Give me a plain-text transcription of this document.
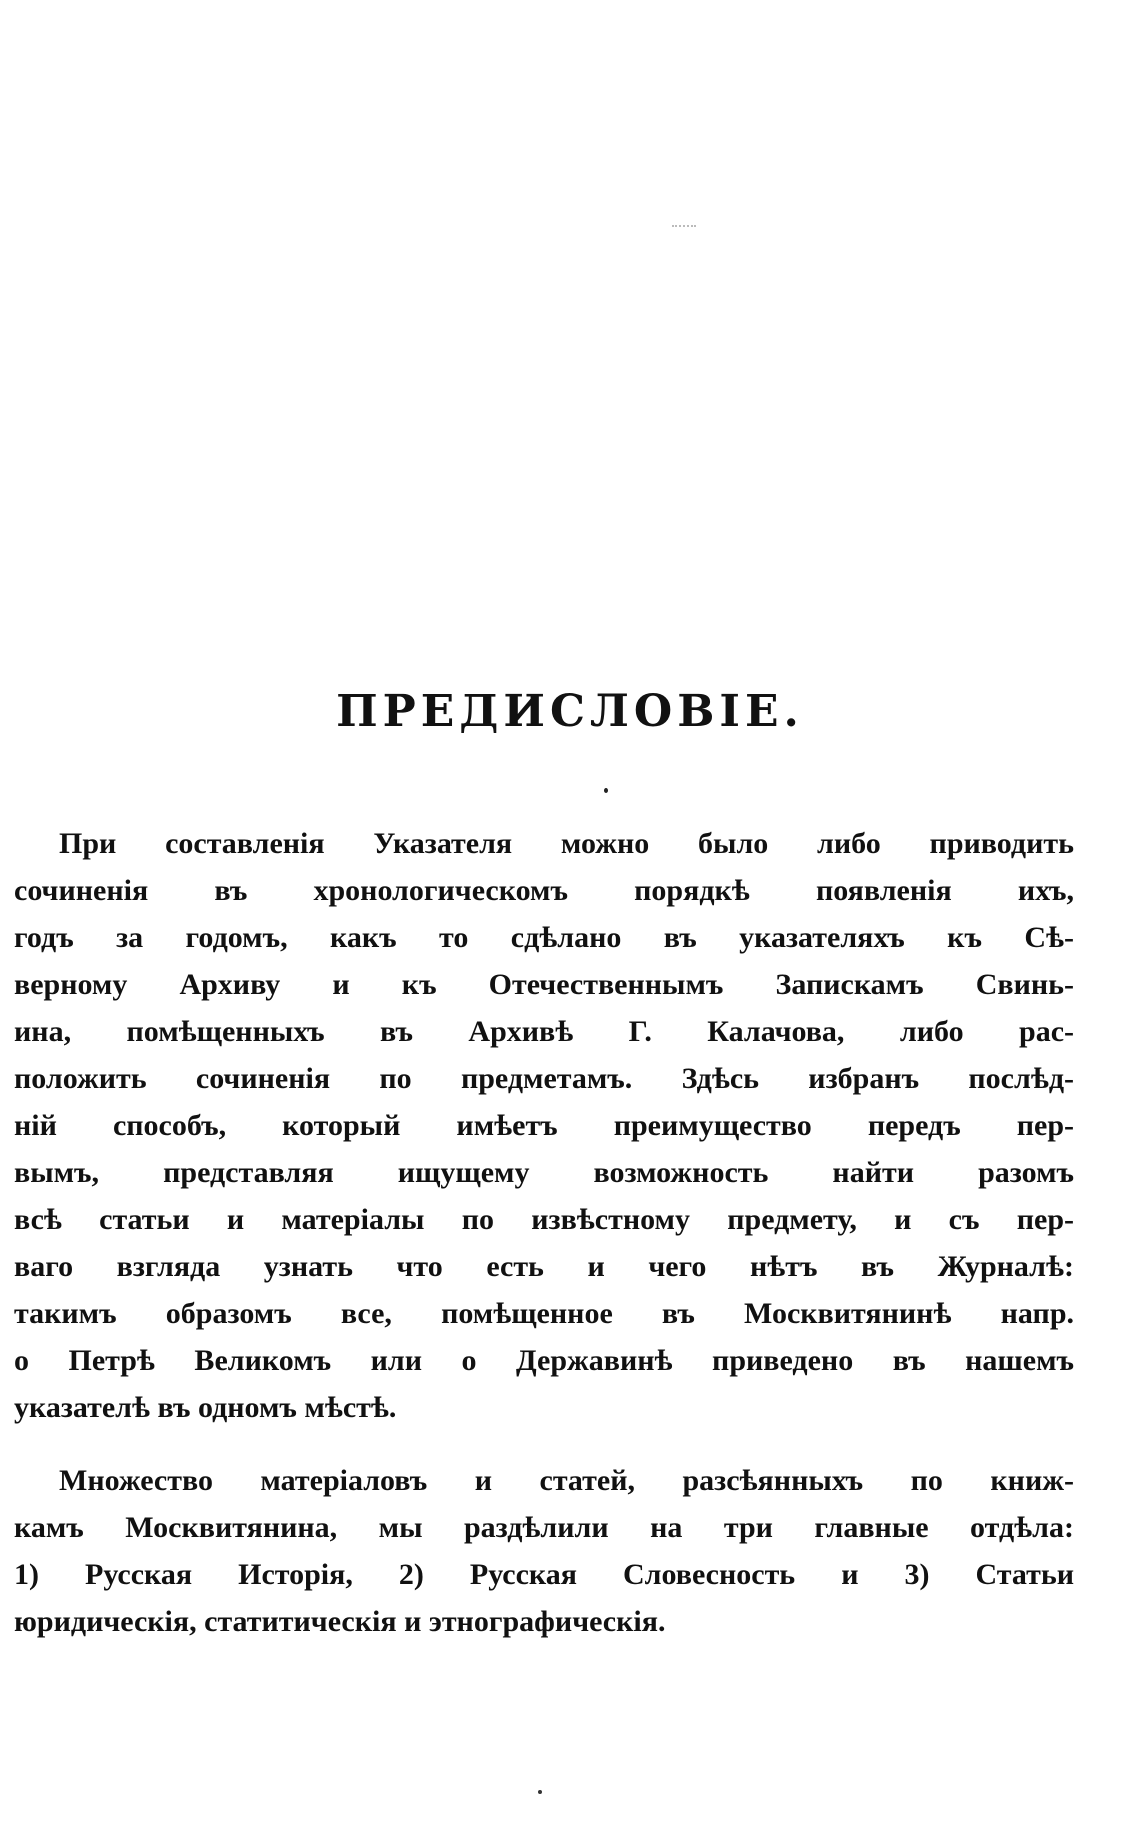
ПРЕДИСЛОВІЕ.
При составленія Указателя можно было либо приводить
сочиненія въ хронологическомъ порядкѣ появленія ихъ,
годъ за годомъ, какъ то сдѣлано въ указателяхъ къ Сѣ-
верному Архиву и къ Отечественнымъ Запискамъ Свинь-
ина, помѣщенныхъ въ Архивѣ Г. Калачова, либо рас-
положить сочиненія по предметамъ. Здѣсь избранъ послѣд-
ній способъ, который имѣетъ преимущество передъ пер-
вымъ, представляя ищущему возможность найти разомъ
всѣ статьи и матеріалы по извѣстному предмету, и съ пер-
ваго взгляда узнать что есть и чего нѣтъ въ Журналѣ:
такимъ образомъ все, помѣщенное въ Москвитянинѣ напр.
о Петрѣ Великомъ или о Державинѣ приведено въ нашемъ
указателѣ въ одномъ мѣстѣ.
Множество матеріаловъ и статей, разсѣянныхъ по книж-
камъ Москвитянина, мы раздѣлили на три главные отдѣла:
1) Русская Исторія, 2) Русская Словесность и 3) Статьи
юридическія, статитическія и этнографическія.
